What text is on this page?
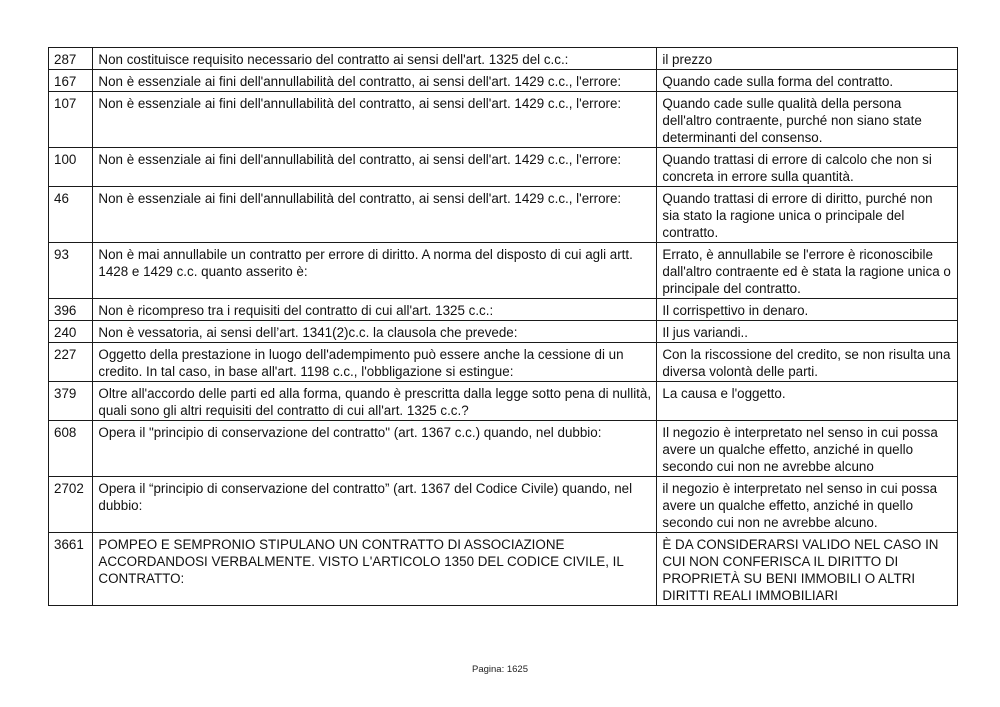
287	Non costituisce requisito necessario del contratto ai sensi dell'art. 1325 del c.c.:	il prezzo
167	Non è essenziale ai fini dell'annullabilità del contratto, ai sensi dell'art. 1429 c.c., l'errore:	Quando cade sulla forma del contratto.
107	Non è essenziale ai fini dell'annullabilità del contratto, ai sensi dell'art. 1429 c.c., l'errore:	Quando cade sulle qualità della persona dell'altro contraente, purché non siano state determinanti del consenso.
100	Non è essenziale ai fini dell'annullabilità del contratto, ai sensi dell'art. 1429 c.c., l'errore:	Quando trattasi di errore di calcolo che non si concreta in errore sulla quantità.
46	Non è essenziale ai fini dell'annullabilità del contratto, ai sensi dell'art. 1429 c.c., l'errore:	Quando trattasi di errore di diritto, purché non sia stato la ragione unica o principale del contratto.
93	Non è mai annullabile un contratto per errore di diritto. A norma del disposto di cui agli artt. 1428 e 1429 c.c. quanto asserito è:	Errato, è annullabile se l'errore è riconoscibile dall'altro contraente ed è stata la ragione unica o principale del contratto.
396	Non è ricompreso tra i requisiti del contratto di cui all'art. 1325 c.c.:	Il corrispettivo in denaro.
240	Non è vessatoria, ai sensi dell’art. 1341(2)c.c. la clausola che prevede:	Il jus variandi..
227	Oggetto della prestazione in luogo dell'adempimento può essere anche la cessione di un credito. In tal caso, in base all'art. 1198 c.c., l'obbligazione si estingue:	Con la riscossione del credito, se non risulta una diversa volontà delle parti.
379	Oltre all'accordo delle parti ed alla forma, quando è prescritta dalla legge sotto pena di nullità, quali sono gli altri requisiti del contratto di cui all'art. 1325 c.c.?	La causa e l'oggetto.
608	Opera il "principio di conservazione del contratto" (art. 1367 c.c.) quando, nel dubbio:	Il negozio è interpretato nel senso in cui possa avere un qualche effetto, anziché in quello secondo cui non ne avrebbe alcuno
2702	Opera il “principio di conservazione del contratto” (art. 1367 del Codice Civile) quando, nel dubbio:	il negozio è interpretato nel senso in cui possa avere un qualche effetto, anziché in quello secondo cui non ne avrebbe alcuno.
3661	POMPEO E SEMPRONIO STIPULANO UN CONTRATTO DI ASSOCIAZIONE ACCORDANDOSI VERBALMENTE. VISTO L'ARTICOLO 1350 DEL CODICE CIVILE, IL CONTRATTO:	È DA CONSIDERARSI VALIDO NEL CASO IN CUI NON CONFERISCA IL DIRITTO DI PROPRIETÀ SU BENI IMMOBILI O ALTRI DIRITTI REALI IMMOBILIARI
Pagina: 1625
